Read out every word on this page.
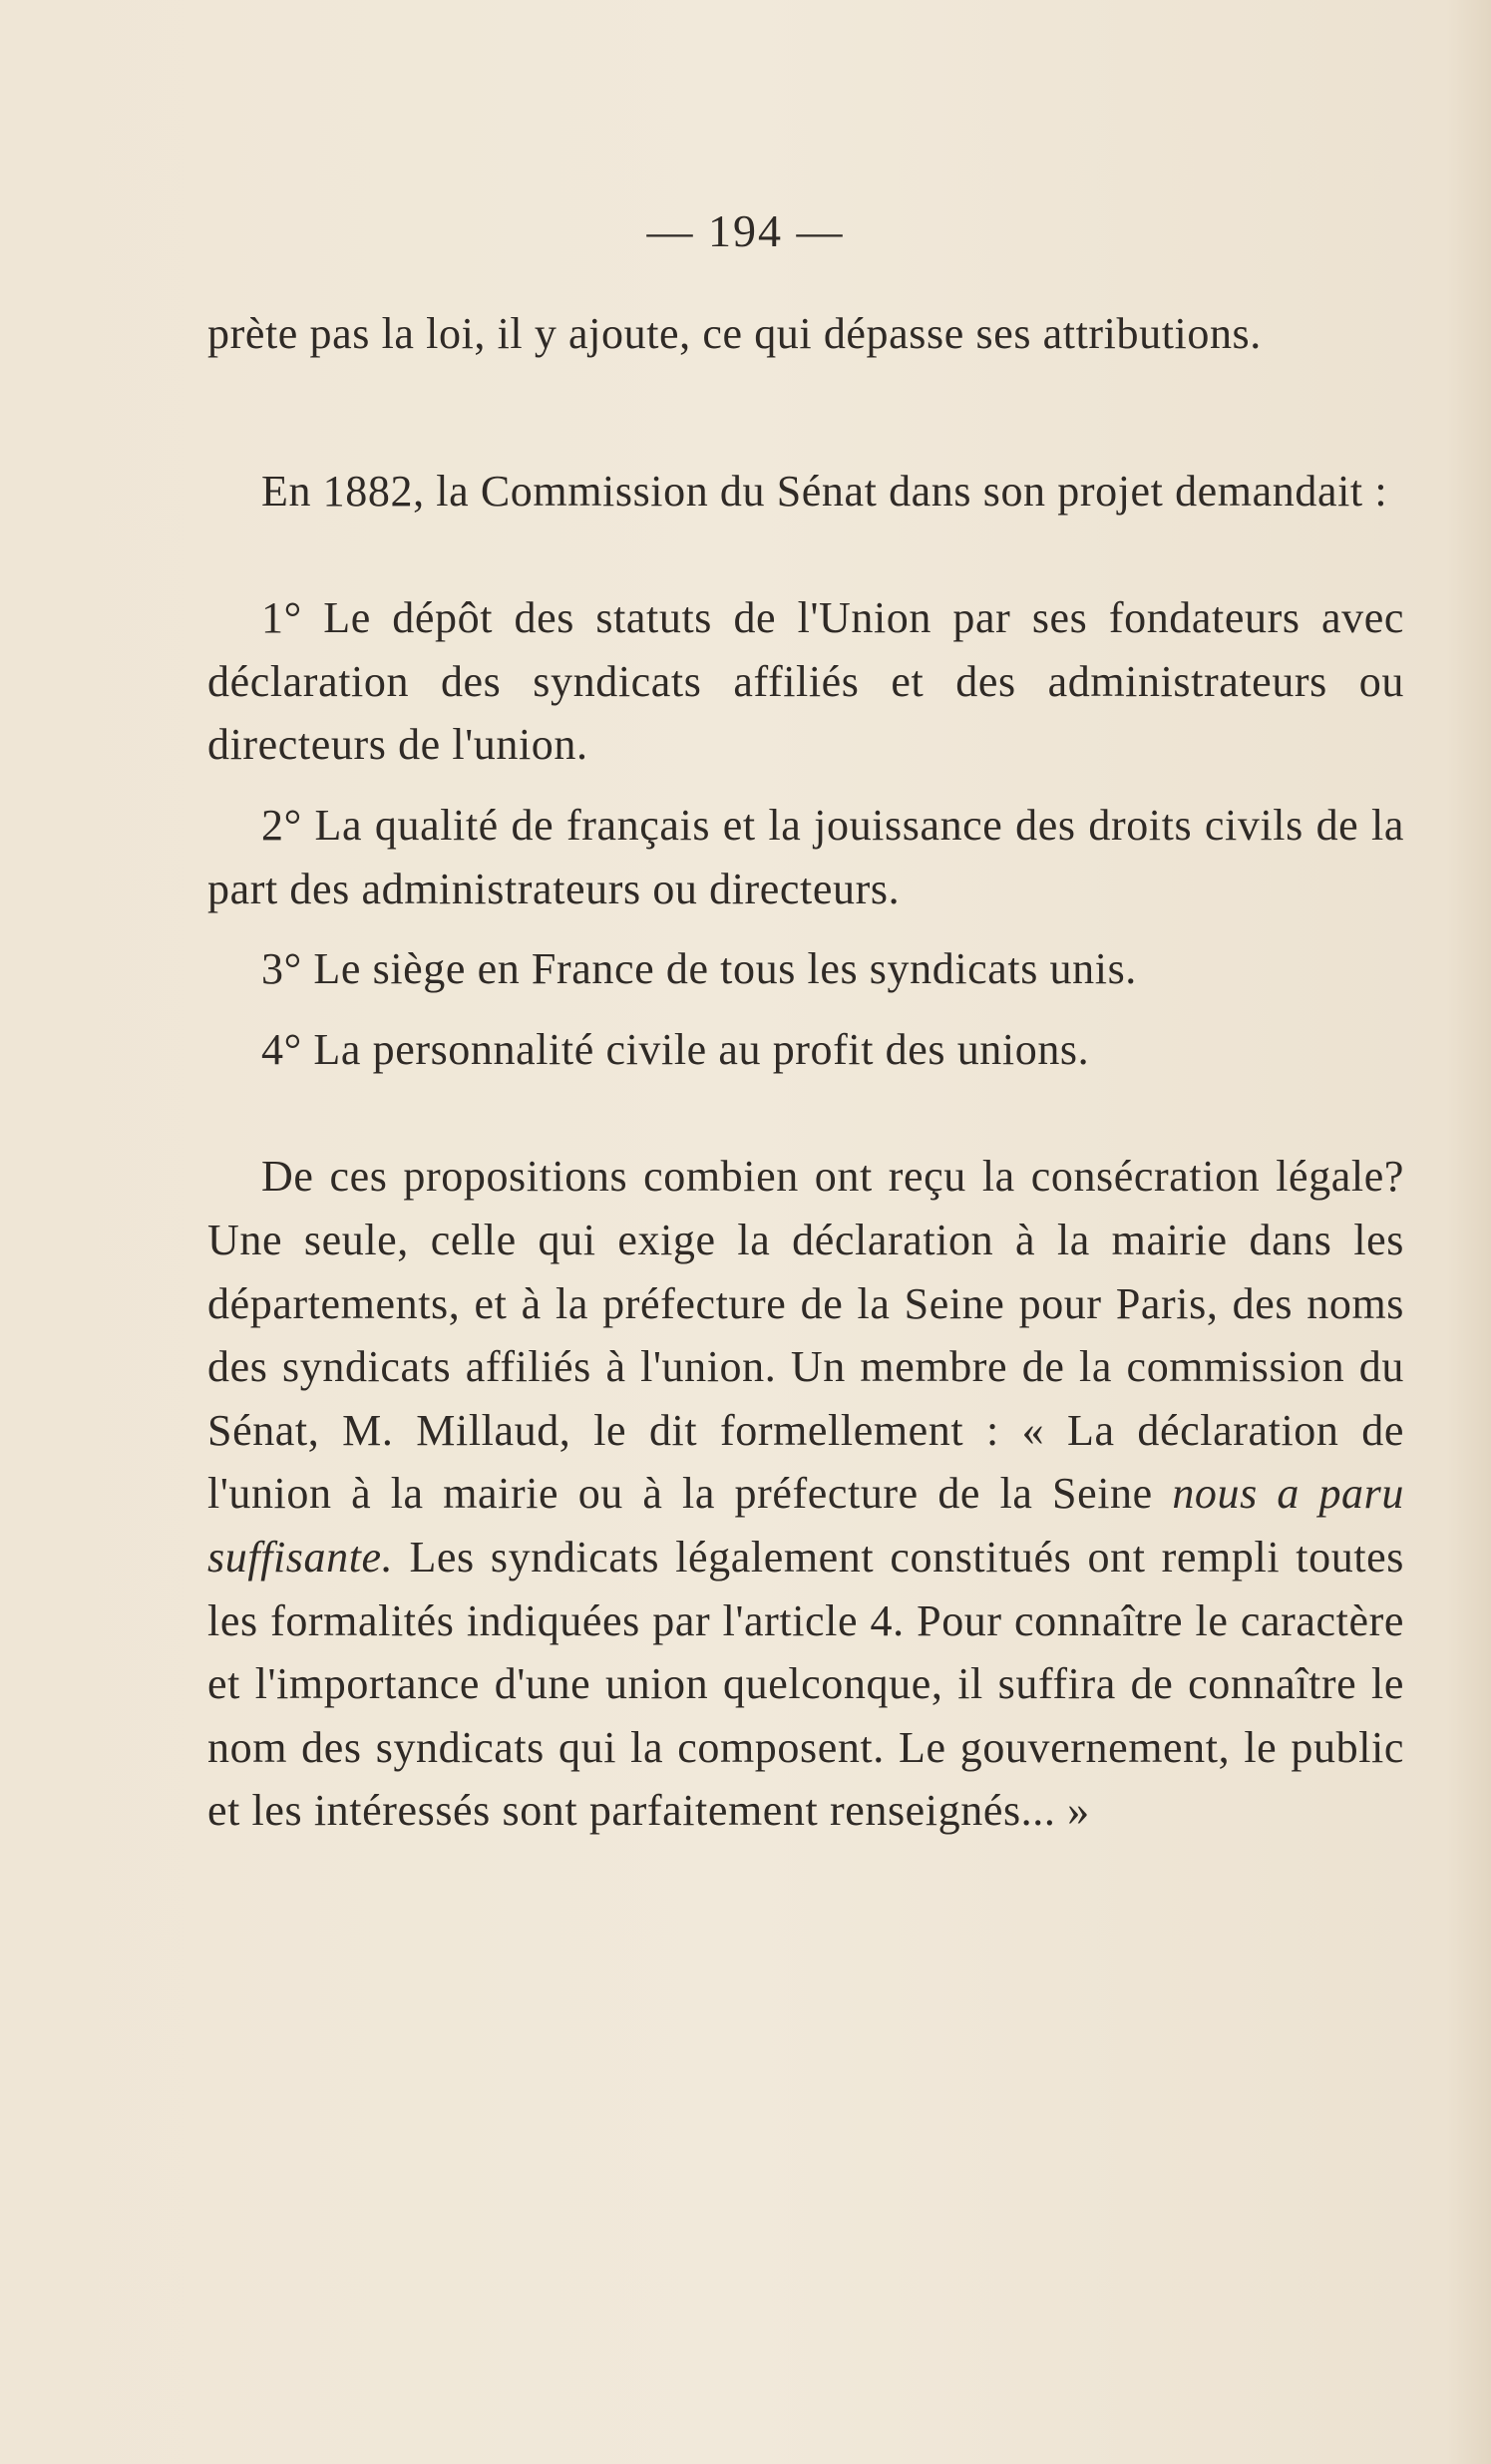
— 194 —

prète pas la loi, il y ajoute, ce qui dépasse ses attributions.

En 1882, la Commission du Sénat dans son projet demandait :

1° Le dépôt des statuts de l'Union par ses fondateurs avec déclaration des syndicats affiliés et des administrateurs ou directeurs de l'union.

2° La qualité de français et la jouissance des droits civils de la part des administrateurs ou directeurs.

3° Le siège en France de tous les syndicats unis.

4° La personnalité civile au profit des unions.

De ces propositions combien ont reçu la consécration légale? Une seule, celle qui exige la déclaration à la mairie dans les départements, et à la préfecture de la Seine pour Paris, des noms des syndicats affiliés à l'union. Un membre de la commission du Sénat, M. Millaud, le dit formellement : « La déclaration de l'union à la mairie ou à la préfecture de la Seine nous a paru suffisante. Les syndicats légalement constitués ont rempli toutes les formalités indiquées par l'article 4. Pour connaître le caractère et l'importance d'une union quelconque, il suffira de connaître le nom des syndicats qui la composent. Le gouvernement, le public et les intéressés sont parfaitement renseignés... »
